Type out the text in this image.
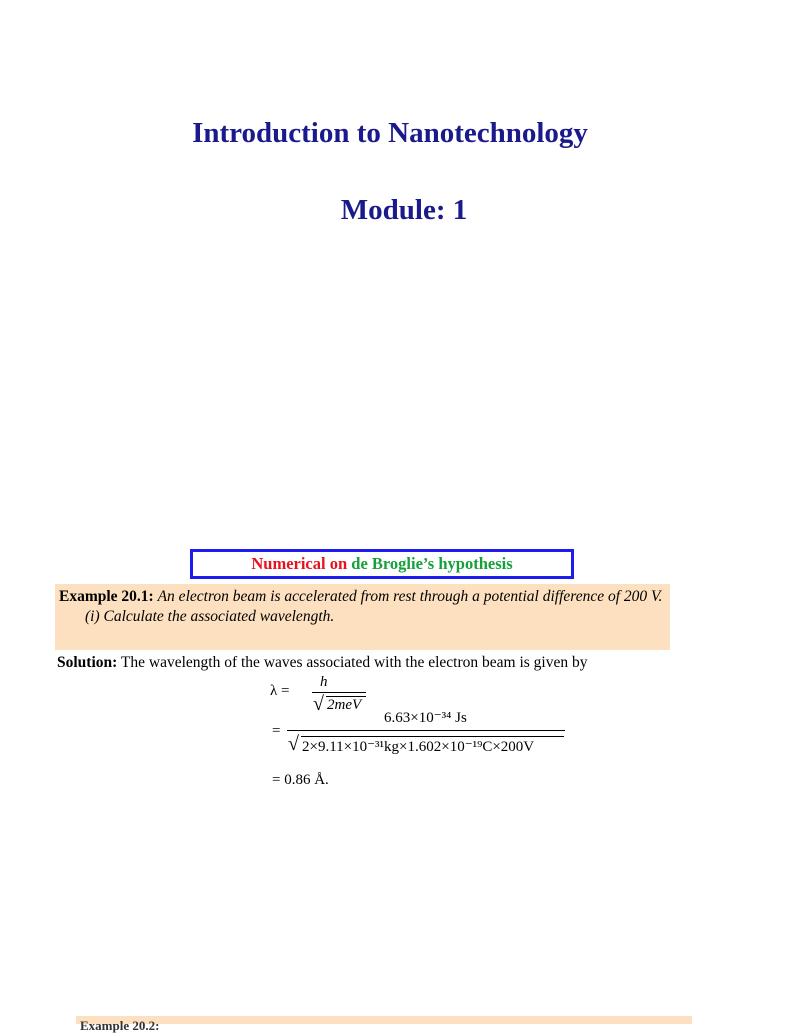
Introduction to Nanotechnology
Module: 1
Numerical on de Broglie’s hypothesis
Example 20.1: An electron beam is accelerated from rest through a potential difference of 200 V.
(i) Calculate the associated wavelength.
Solution: The wavelength of the waves associated with the electron beam is given by
λ =
h
√ 2meV
=
6.63×10⁻³⁴ Js
√ 2×9.11×10⁻³¹kg×1.602×10⁻¹⁹C×200V
= 0.86 Å.
Example 20.2:
